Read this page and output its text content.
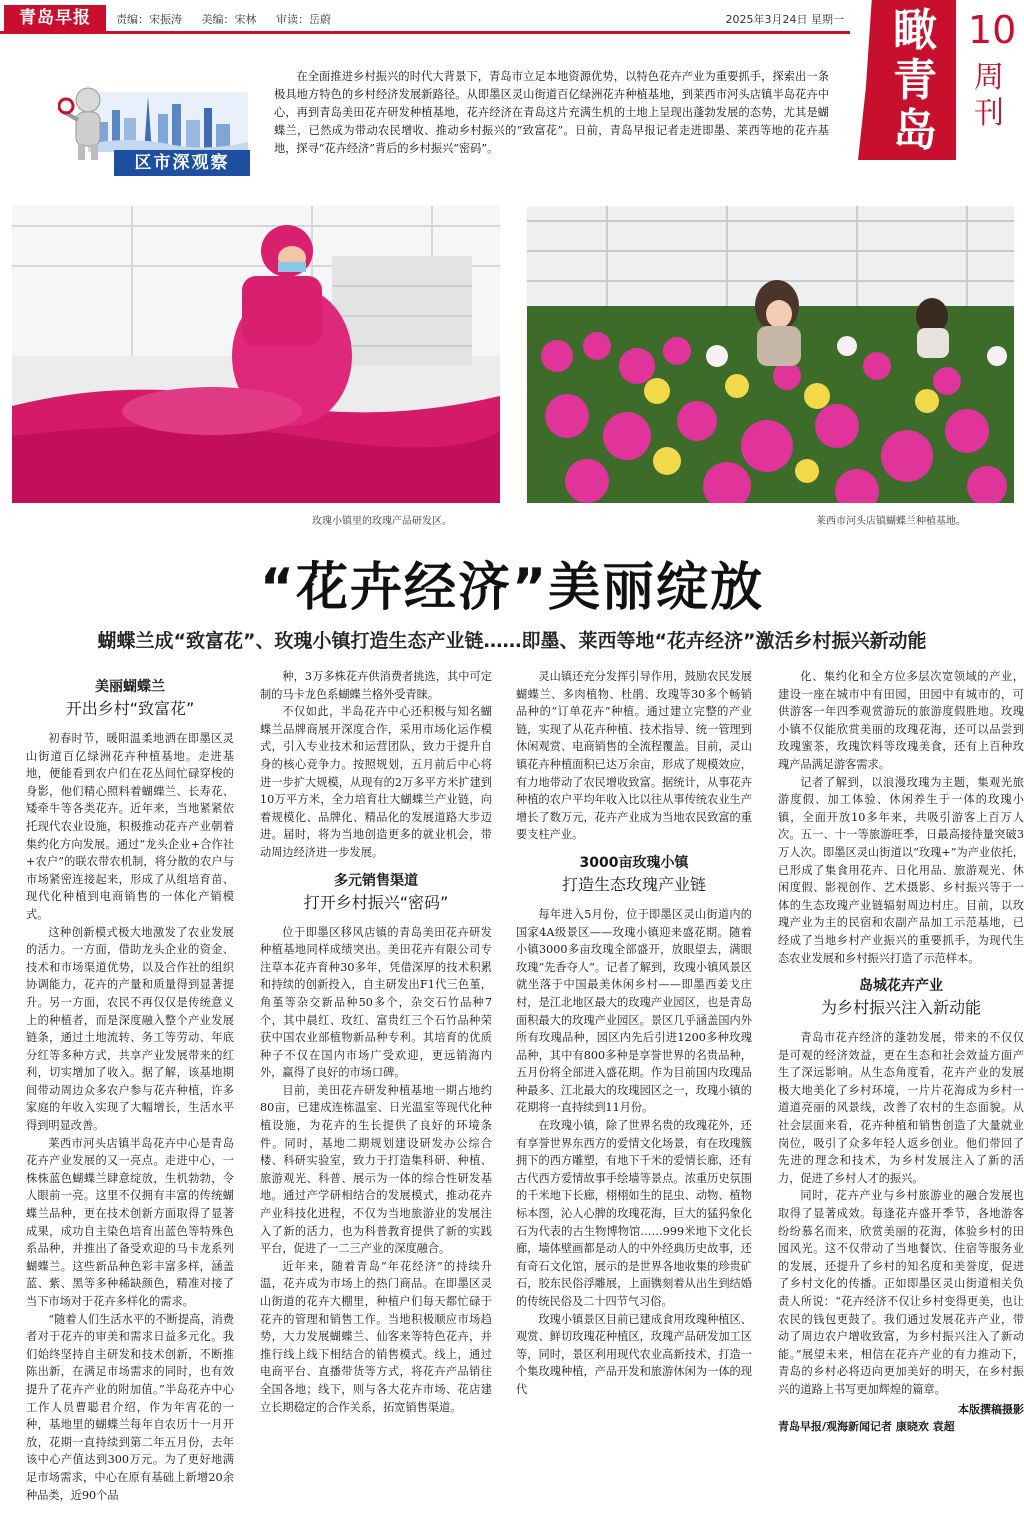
青岛早报	责编：宋振涛 美编：宋林 审读：岳蔚	2025年3月24日 星期一 瞰青岛
10
周刊
区市深观察
在全面推进乡村振兴的时代大背景下，青岛市立足本地资源优势，以特色花卉产业为重要抓手，探索出一条极具地方特色的乡村经济发展新路径。从即墨区灵山街道百亿绿洲花卉种植基地，到莱西市河头店镇半岛花卉中心，再到青岛美田花卉研发种植基地，花卉经济在青岛这片充满生机的土地上呈现出蓬勃发展的态势，尤其是蝴蝶兰，已然成为带动农民增收、推动乡村振兴的“致富花”。日前，青岛早报记者走进即墨、莱西等地的花卉基地，探寻“花卉经济”背后的乡村振兴“密码”。
玫瑰小镇里的玫瑰产品研发区。	莱西市河头店镇蝴蝶兰种植基地。
“花卉经济”美丽绽放
蝴蝶兰成“致富花”、玫瑰小镇打造生态产业链……即墨、莱西等地“花卉经济”激活乡村振兴新动能
美丽蝴蝶兰
开出乡村“致富花”

初春时节，暖阳温柔地洒在即墨区灵山街道百亿绿洲花卉种植基地。走进基地，便能看到农户们在花丛间忙碌穿梭的身影，他们精心照料着蝴蝶兰、长寿花、矮牵牛等各类花卉。近年来，当地紧紧依托现代农业设施，积极推动花卉产业朝着集约化方向发展。通过“龙头企业+合作社+农户”的联农带农机制，将分散的农户与市场紧密连接起来，形成了从组培育苗、现代化种植到电商销售的一体化产销模式。

这种创新模式极大地激发了农业发展的活力。一方面，借助龙头企业的资金、技术和市场渠道优势，以及合作社的组织协调能力，花卉的产量和质量得到显著提升。另一方面，农民不再仅仅是传统意义上的种植者，而是深度融入整个产业发展链条，通过土地流转、务工等劳动、年底分红等多种方式，共享产业发展带来的红利，切实增加了收入。据了解，该基地期间带动周边众多农户参与花卉种植，许多家庭的年收入实现了大幅增长，生活水平得到明显改善。

莱西市河头店镇半岛花卉中心是青岛花卉产业发展的又一亮点。走进中心，一株株蓝色蝴蝶兰肆意绽放，生机勃勃，令人眼前一亮。这里不仅拥有丰富的传统蝴蝶兰品种，更在技术创新方面取得了显著成果，成功自主染色培育出蓝色等特殊色系品种，并推出了备受欢迎的马卡龙系列蝴蝶兰。这些新品种色彩丰富多样，涵盖蓝、紫、黑等多种稀缺颜色，精准对接了当下市场对于花卉多样化的需求。

“随着人们生活水平的不断提高，消费者对于花卉的审美和需求日益多元化。我们始终坚持自主研发和技术创新，不断推陈出新，在满足市场需求的同时，也有效提升了花卉产业的附加值。”半岛花卉中心工作人员曹聪君介绍，作为年宵花的一种，基地里的蝴蝶兰每年自农历十一月开放，花期一直持续到第二年五月份，去年该中心产值达到300万元。为了更好地满足市场需求，中心在原有基础上新增20余种品类，近90个品

种，3万多株花卉供消费者挑选，其中可定制的马卡龙色系蝴蝶兰格外受青睐。

不仅如此，半岛花卉中心还积极与知名蝴蝶兰品牌商展开深度合作，采用市场化运作模式，引入专业技术和运营团队，致力于提升自身的核心竞争力。按照规划，五月前后中心将进一步扩大规模，从现有的2万多平方米扩建到10万平方米，全力培育壮大蝴蝶兰产业链，向着规模化、品牌化、精品化的发展道路大步迈进。届时，将为当地创造更多的就业机会，带动周边经济进一步发展。

多元销售渠道
打开乡村振兴“密码”

位于即墨区移风店镇的青岛美田花卉研发种植基地同样成绩突出。美田花卉有限公司专注草本花卉育种30多年，凭借深厚的技术积累和持续的创新投入，自主研发出F1代三色堇，角堇等杂交新品种50多个，杂交石竹品种7个，其中晨红、玫红、富贵红三个石竹品种荣获中国农业部植物新品种专利。其培育的优质种子不仅在国内市场广受欢迎，更远销海内外，赢得了良好的市场口碑。

目前，美田花卉研发种植基地一期占地约80亩，已建成连栋温室、日光温室等现代化种植设施，为花卉的生长提供了良好的环境条件。同时，基地二期规划建设研发办公综合楼、科研实验室，致力于打造集科研、种植、旅游观光、科普、展示为一体的综合性研发基地。通过产学研相结合的发展模式，推动花卉产业科技化进程，不仅为当地旅游业的发展注入了新的活力，也为科普教育提供了新的实践平台，促进了一二三产业的深度融合。

近年来，随着青岛“年花经济”的持续升温，花卉成为市场上的热门商品。在即墨区灵山街道的花卉大棚里，种植户们每天都忙碌于花卉的管理和销售工作。当地积极顺应市场趋势，大力发展蝴蝶兰、仙客来等特色花卉，并推行线上线下相结合的销售模式。线上，通过电商平台、直播带货等方式，将花卉产品销往全国各地；线下，则与各大花卉市场、花店建立长期稳定的合作关系，拓宽销售渠道。

灵山镇还充分发挥引导作用，鼓励农民发展蝴蝶兰、多肉植物、杜鹃、玫瑰等30多个畅销品种的“订单花卉”种植。通过建立完整的产业链，实现了从花卉种植、技术指导、统一管理到休闲观赏、电商销售的全流程覆盖。目前，灵山镇花卉种植面积已达万余亩，形成了规模效应，有力地带动了农民增收致富。据统计，从事花卉种植的农户平均年收入比以往从事传统农业生产增长了数万元，花卉产业成为当地农民致富的重要支柱产业。

3000亩玫瑰小镇
打造生态玫瑰产业链

每年进入5月份，位于即墨区灵山街道内的国家4A级景区——玫瑰小镇迎来盛花期。随着小镇3000多亩玫瑰全部盛开，放眼望去，满眼玫瑰“先香夺人”。记者了解到，玫瑰小镇风景区就坐落于中国最美休闲乡村——即墨西姜戈庄村，是江北地区最大的玫瑰产业园区，也是青岛面积最大的玫瑰产业园区。景区几乎涵盖国内外所有玫瑰品种，园区内先后引进1200多种玫瑰品种，其中有800多种是享誉世界的名贵品种，五月份将全部进入盛花期。作为目前国内玫瑰品种最多、江北最大的玫瑰园区之一，玫瑰小镇的花期将一直持续到11月份。

在玫瑰小镇，除了世界名贵的玫瑰花外，还有享誉世界东西方的爱情文化场景，有在玫瑰簇拥下的西方雕塑，有地下千米的爱情长廊，还有古代西方爱情故事手绘墙等景点。浓重历史氛围的千米地下长廊，栩栩如生的昆虫、动物、植物标本图，沁人心脾的玫瑰花海，巨大的猛犸象化石为代表的古生物博物馆……999米地下文化长廊，墙体壁画都是动人的中外经典历史故事，还有奇石文化馆，展示的是世界各地收集的珍贵矿石，胶东民俗浮雕展，上面镌刻着从出生到结婚的传统民俗及二十四节气习俗。

玫瑰小镇景区目前已建成食用玫瑰种植区、观赏、鲜切玫瑰花种植区，玫瑰产品研发加工区等，同时，景区利用现代农业高新技术，打造一个集玫瑰种植，产品开发和旅游休闲为一体的现代

化、集约化和全方位多层次宽领域的产业，建设一座在城市中有田园，田园中有城市的，可供游客一年四季观赏游玩的旅游度假胜地。玫瑰小镇不仅能欣赏美丽的玫瑰花海，还可以品尝到玫瑰蜜茶，玫瑰饮料等玫瑰美食，还有上百种玫瑰产品满足游客需求。

记者了解到，以浪漫玫瑰为主题，集观光旅游度假、加工体验、休闲养生于一体的玫瑰小镇，全面开放10多年来，共吸引游客上百万人次。五一、十一等旅游旺季，日最高接待量突破3万人次。即墨区灵山街道以“玫瑰+”为产业依托，已形成了集食用花卉、日化用品、旅游观光、休闲度假、影视创作、艺术摄影、乡村振兴等于一体的生态玫瑰产业链辐射周边村庄。目前，以玫瑰产业为主的民宿和农副产品加工示范基地，已经成了当地乡村产业振兴的重要抓手，为现代生态农业发展和乡村振兴打造了示范样本。

岛城花卉产业
为乡村振兴注入新动能

青岛市花卉经济的蓬勃发展，带来的不仅仅是可观的经济效益，更在生态和社会效益方面产生了深远影响。从生态角度看，花卉产业的发展极大地美化了乡村环境，一片片花海成为乡村一道道亮丽的风景线，改善了农村的生态面貌。从社会层面来看，花卉种植和销售创造了大量就业岗位，吸引了众多年轻人返乡创业。他们带回了先进的理念和技术，为乡村发展注入了新的活力，促进了乡村人才的振兴。

同时，花卉产业与乡村旅游业的融合发展也取得了显著成效。每逢花卉盛开季节，各地游客纷纷慕名而来，欣赏美丽的花海，体验乡村的田园风光。这不仅带动了当地餐饮、住宿等服务业的发展，还提升了乡村的知名度和美誉度，促进了乡村文化的传播。正如即墨区灵山街道相关负责人所说：“花卉经济不仅让乡村变得更美，也让农民的钱包更鼓了。我们通过发展花卉产业，带动了周边农户增收致富，为乡村振兴注入了新动能。”展望未来，相信在花卉产业的有力推动下，青岛的乡村必将迈向更加美好的明天，在乡村振兴的道路上书写更加辉煌的篇章。

本版撰稿摄影
青岛早报/观海新闻记者 康晓欢 袁超
